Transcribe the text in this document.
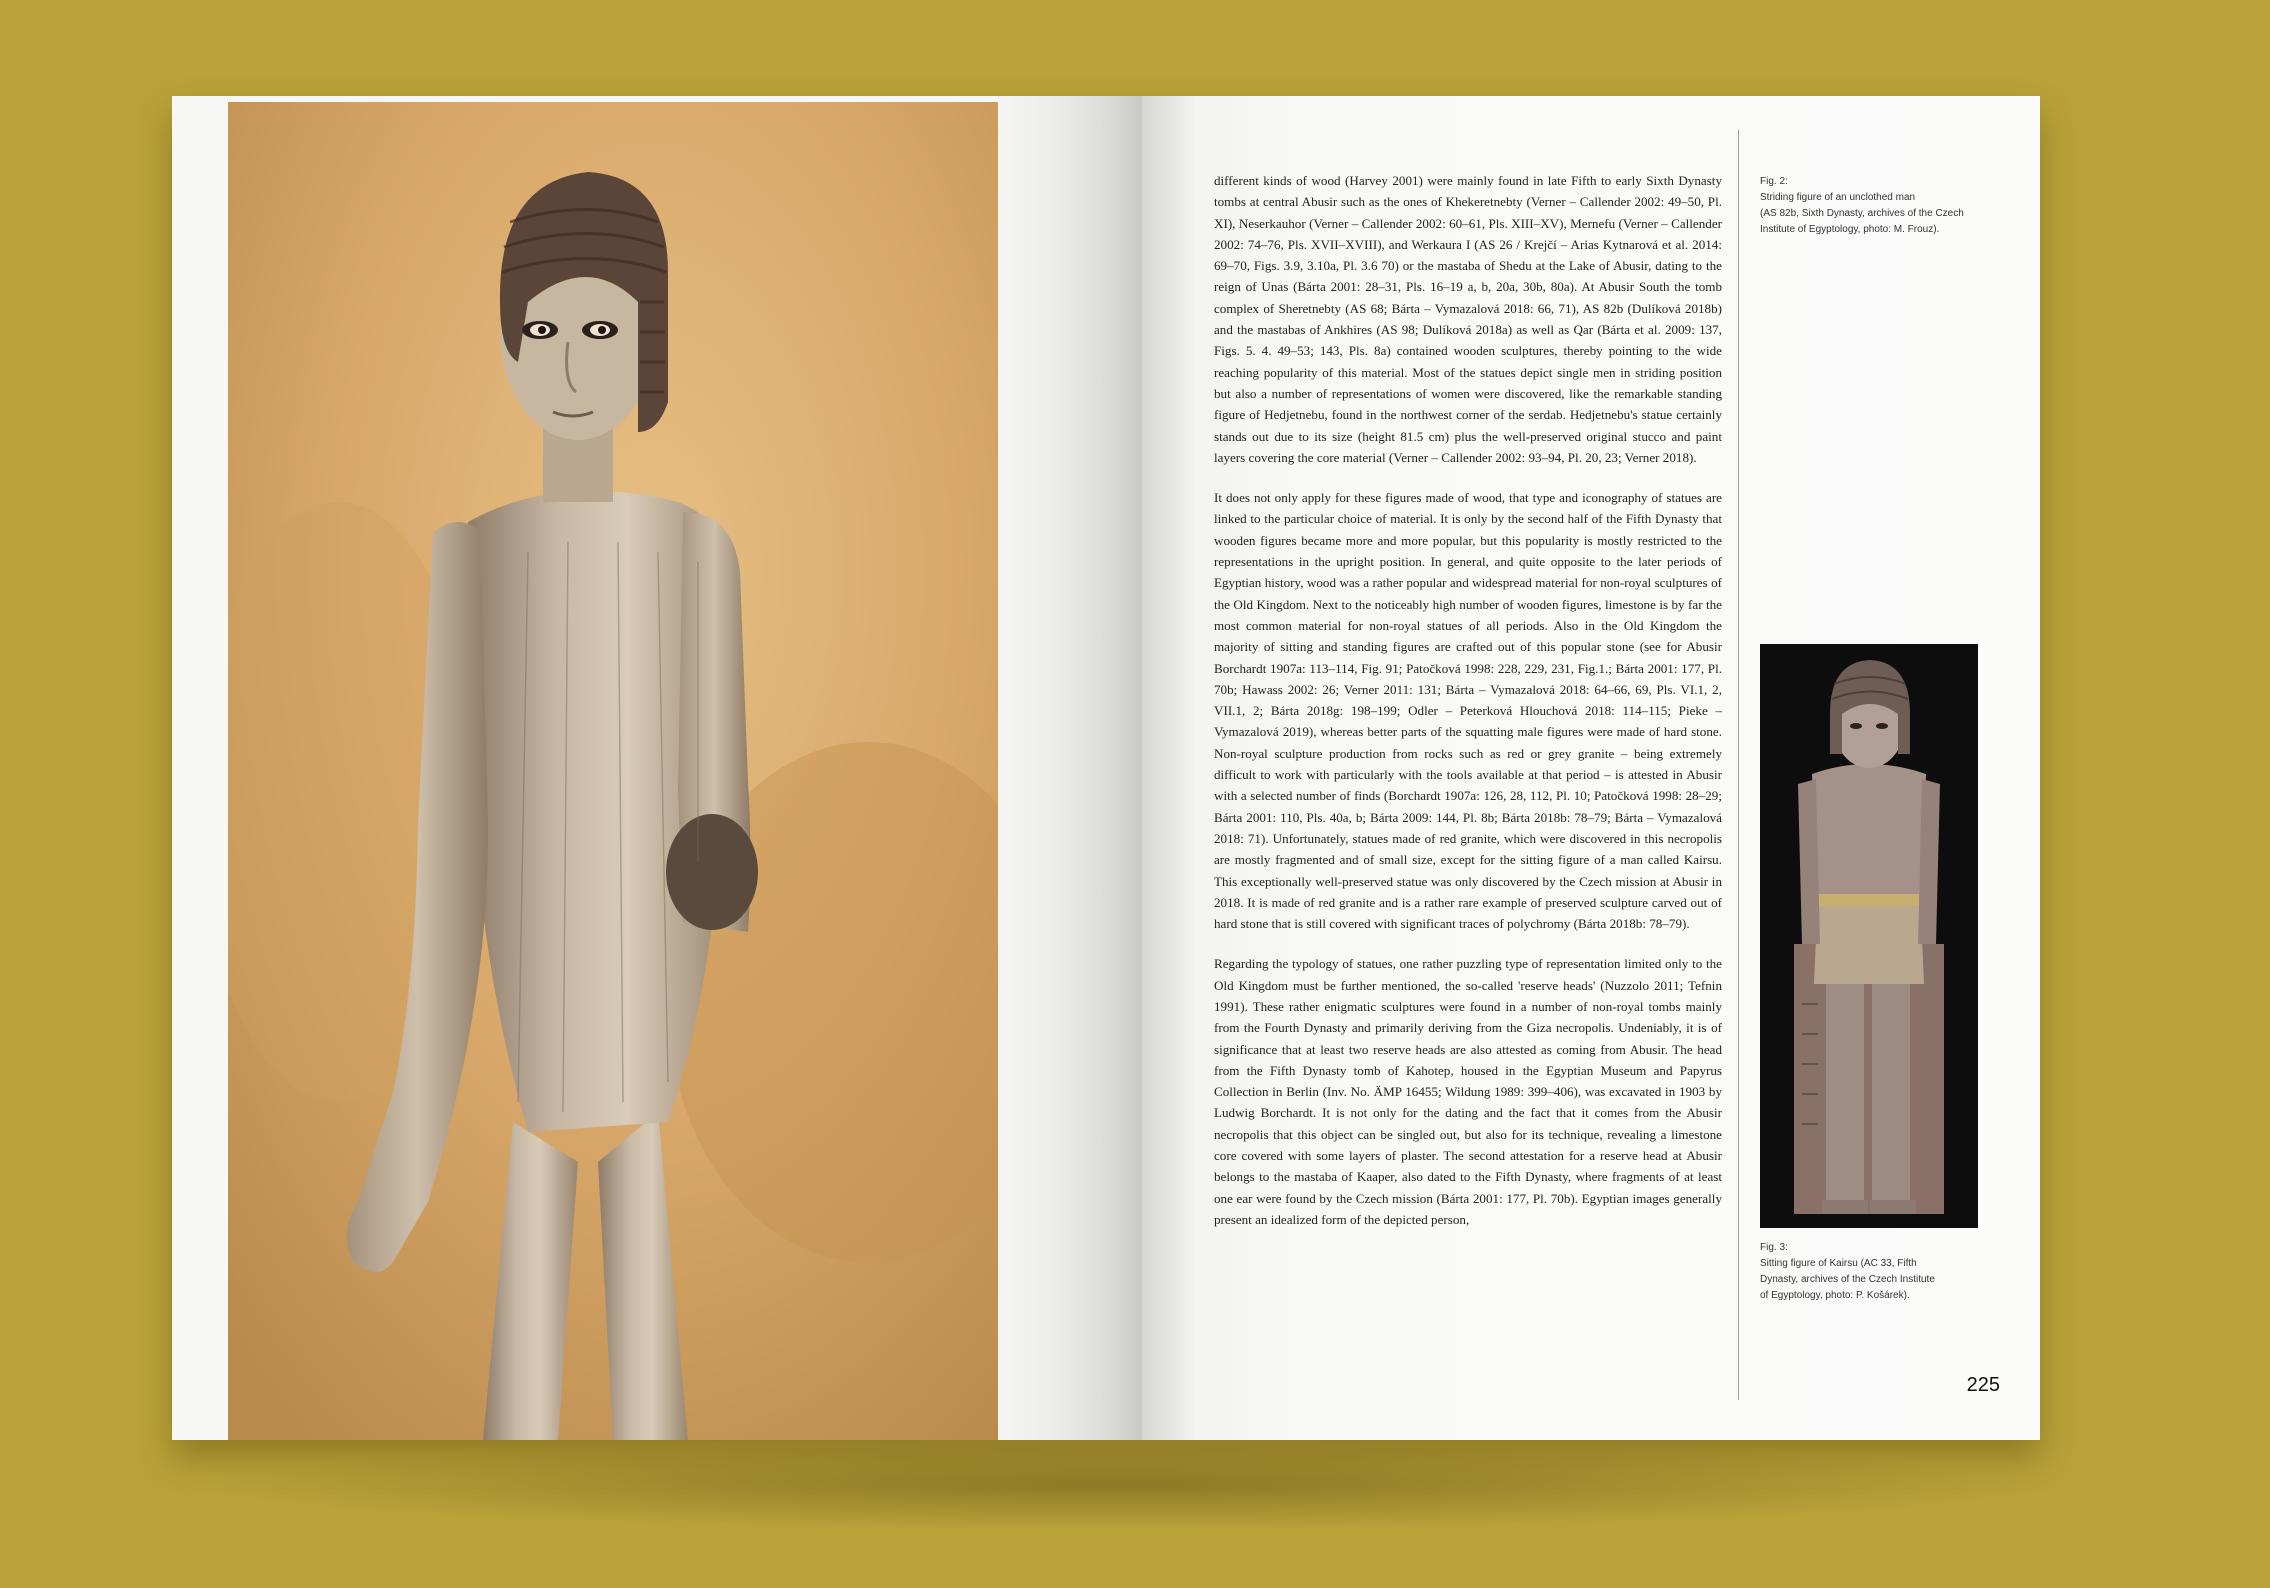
different kinds of wood (Harvey 2001) were mainly found in late Fifth to early Sixth Dynasty tombs at central Abusir such as the ones of Khekeretnebty (Verner – Callender 2002: 49–50, Pl. XI), Neserkauhor (Verner – Callender 2002: 60–61, Pls. XIII–XV), Mernefu (Verner – Callender 2002: 74–76, Pls. XVII–XVIII), and Werkaura I (AS 26 / Krejčí – Arias Kytnarová et al. 2014: 69–70, Figs. 3.9, 3.10a, Pl. 3.6 70) or the mastaba of Shedu at the Lake of Abusir, dating to the reign of Unas (Bárta 2001: 28–31, Pls. 16–19 a, b, 20a, 30b, 80a). At Abusir South the tomb complex of Sheretnebty (AS 68; Bárta – Vymazalová 2018: 66, 71), AS 82b (Dulíková 2018b) and the mastabas of Ankhires (AS 98; Dulíková 2018a) as well as Qar (Bárta et al. 2009: 137, Figs. 5. 4. 49–53; 143, Pls. 8a) contained wooden sculptures, thereby pointing to the wide reaching popularity of this material. Most of the statues depict single men in striding position but also a number of representations of women were discovered, like the remarkable standing figure of Hedjetnebu, found in the northwest corner of the serdab. Hedjetnebu's statue certainly stands out due to its size (height 81.5 cm) plus the well-preserved original stucco and paint layers covering the core material (Verner – Callender 2002: 93–94, Pl. 20, 23; Verner 2018).

It does not only apply for these figures made of wood, that type and iconography of statues are linked to the particular choice of material. It is only by the second half of the Fifth Dynasty that wooden figures became more and more popular, but this popularity is mostly restricted to the representations in the upright position. In general, and quite opposite to the later periods of Egyptian history, wood was a rather popular and widespread material for non-royal sculptures of the Old Kingdom. Next to the noticeably high number of wooden figures, limestone is by far the most common material for non-royal statues of all periods. Also in the Old Kingdom the majority of sitting and standing figures are crafted out of this popular stone (see for Abusir Borchardt 1907a: 113–114, Fig. 91; Patočková 1998: 228, 229, 231, Fig.1.; Bárta 2001: 177, Pl. 70b; Hawass 2002: 26; Verner 2011: 131; Bárta – Vymazalová 2018: 64–66, 69, Pls. VI.1, 2, VII.1, 2; Bárta 2018g: 198–199; Odler – Peterková Hlouchová 2018: 114–115; Pieke – Vymazalová 2019), whereas better parts of the squatting male figures were made of hard stone. Non-royal sculpture production from rocks such as red or grey granite – being extremely difficult to work with particularly with the tools available at that period – is attested in Abusir with a selected number of finds (Borchardt 1907a: 126, 28, 112, Pl. 10; Patočková 1998: 28–29; Bárta 2001: 110, Pls. 40a, b; Bárta 2009: 144, Pl. 8b; Bárta 2018b: 78–79; Bárta – Vymazalová 2018: 71). Unfortunately, statues made of red granite, which were discovered in this necropolis are mostly fragmented and of small size, except for the sitting figure of a man called Kairsu. This exceptionally well-preserved statue was only discovered by the Czech mission at Abusir in 2018. It is made of red granite and is a rather rare example of preserved sculpture carved out of hard stone that is still covered with significant traces of polychromy (Bárta 2018b: 78–79).

Regarding the typology of statues, one rather puzzling type of representation limited only to the Old Kingdom must be further mentioned, the so-called 'reserve heads' (Nuzzolo 2011; Tefnin 1991). These rather enigmatic sculptures were found in a number of non-royal tombs mainly from the Fourth Dynasty and primarily deriving from the Giza necropolis. Undeniably, it is of significance that at least two reserve heads are also attested as coming from Abusir. The head from the Fifth Dynasty tomb of Kahotep, housed in the Egyptian Museum and Papyrus Collection in Berlin (Inv. No. ÄMP 16455; Wildung 1989: 399–406), was excavated in 1903 by Ludwig Borchardt. It is not only for the dating and the fact that it comes from the Abusir necropolis that this object can be singled out, but also for its technique, revealing a limestone core covered with some layers of plaster. The second attestation for a reserve head at Abusir belongs to the mastaba of Kaaper, also dated to the Fifth Dynasty, where fragments of at least one ear were found by the Czech mission (Bárta 2001: 177, Pl. 70b). Egyptian images generally present an idealized form of the depicted person,

Fig. 2:
Striding figure of an unclothed man
(AS 82b, Sixth Dynasty, archives of the Czech
Institute of Egyptology, photo: M. Frouz).
Fig. 3:
Sitting figure of Kairsu (AC 33, Fifth
Dynasty, archives of the Czech Institute
of Egyptology, photo: P. Košárek).
225
